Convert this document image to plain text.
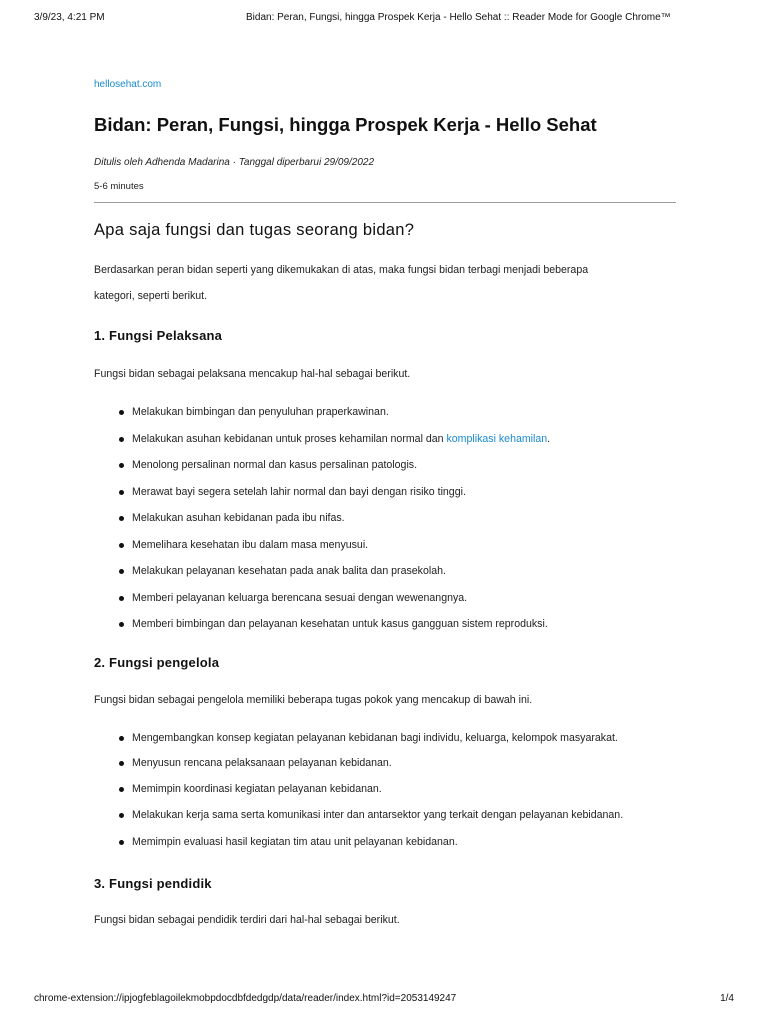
3/9/23, 4:21 PM	Bidan: Peran, Fungsi, hingga Prospek Kerja - Hello Sehat :: Reader Mode for Google Chrome™
hellosehat.com
Bidan: Peran, Fungsi, hingga Prospek Kerja - Hello Sehat
Ditulis oleh Adhenda Madarina · Tanggal diperbarui 29/09/2022
5-6 minutes
Apa saja fungsi dan tugas seorang bidan?

Berdasarkan peran bidan seperti yang dikemukakan di atas, maka fungsi bidan terbagi menjadi beberapa

kategori, seperti berikut.

1. Fungsi Pelaksana

Fungsi bidan sebagai pelaksana mencakup hal-hal sebagai berikut.

Melakukan bimbingan dan penyuluhan praperkawinan.
Melakukan asuhan kebidanan untuk proses kehamilan normal dan komplikasi kehamilan.
Menolong persalinan normal dan kasus persalinan patologis.
Merawat bayi segera setelah lahir normal dan bayi dengan risiko tinggi.
Melakukan asuhan kebidanan pada ibu nifas.
Memelihara kesehatan ibu dalam masa menyusui.
Melakukan pelayanan kesehatan pada anak balita dan prasekolah.
Memberi pelayanan keluarga berencana sesuai dengan wewenangnya.
Memberi bimbingan dan pelayanan kesehatan untuk kasus gangguan sistem reproduksi.
2. Fungsi pengelola

Fungsi bidan sebagai pengelola memiliki beberapa tugas pokok yang mencakup di bawah ini.

Mengembangkan konsep kegiatan pelayanan kebidanan bagi individu, keluarga, kelompok masyarakat.
Menyusun rencana pelaksanaan pelayanan kebidanan.
Memimpin koordinasi kegiatan pelayanan kebidanan.
Melakukan kerja sama serta komunikasi inter dan antarsektor yang terkait dengan pelayanan kebidanan.
Memimpin evaluasi hasil kegiatan tim atau unit pelayanan kebidanan.
3. Fungsi pendidik

Fungsi bidan sebagai pendidik terdiri dari hal-hal sebagai berikut.

chrome-extension://ipjogfeblagoilekmobpdocdbfdedgdp/data/reader/index.html?id=2053149247	1/4
